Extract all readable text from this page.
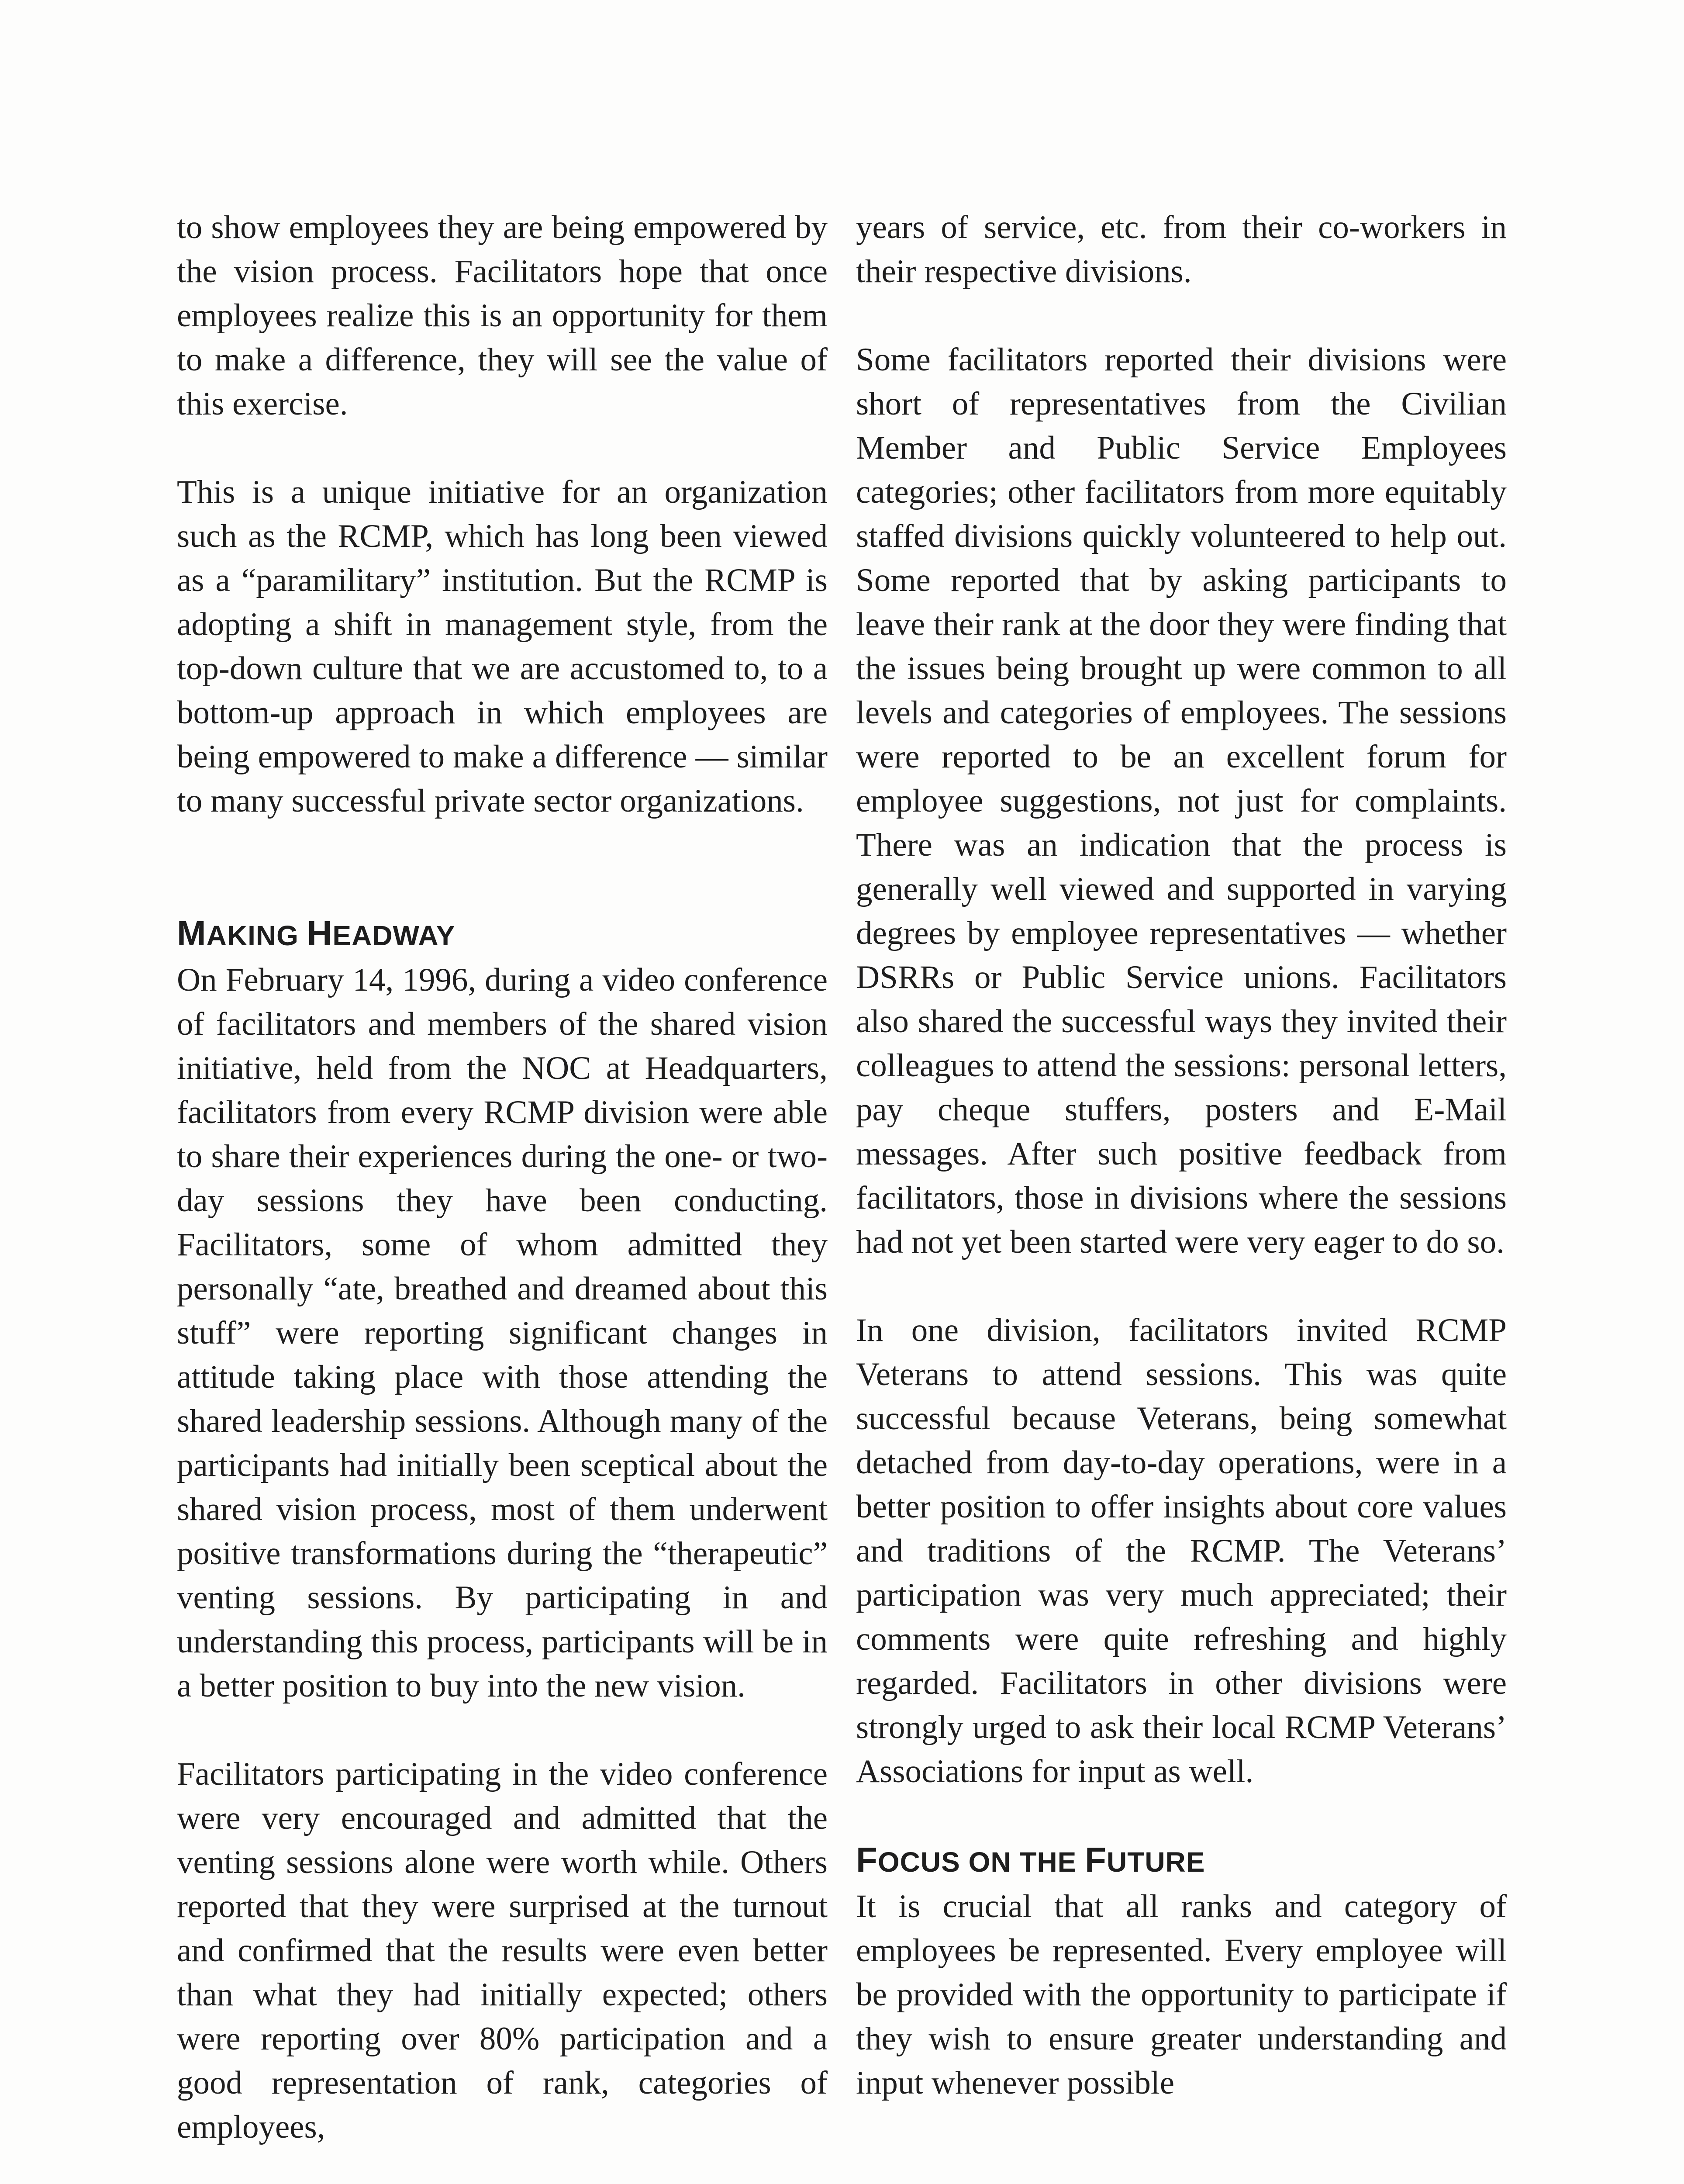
to show employees they are being empowered by the vision process. Facilitators hope that once employees realize this is an opportunity for them to make a difference, they will see the value of this exercise.

This is a unique initiative for an organization such as the RCMP, which has long been viewed as a “paramilitary” institution. But the RCMP is adopting a shift in management style, from the top-down culture that we are accustomed to, to a bottom-up approach in which employees are being empowered to make a difference — similar to many successful private sector organizations.

MAKING HEADWAY

On February 14, 1996, during a video conference of facilitators and members of the shared vision initiative, held from the NOC at Headquarters, facilitators from every RCMP division were able to share their experiences during the one- or two-day sessions they have been conducting. Facilitators, some of whom admitted they personally “ate, breathed and dreamed about this stuff” were reporting significant changes in attitude taking place with those attending the shared leadership sessions. Although many of the participants had initially been sceptical about the shared vision process, most of them underwent positive transformations during the “therapeutic” venting sessions. By participating in and understanding this process, participants will be in a better position to buy into the new vision.

Facilitators participating in the video conference were very encouraged and admitted that the venting sessions alone were worth while. Others reported that they were surprised at the turnout and confirmed that the results were even better than what they had initially expected; others were reporting over 80% participation and a good representation of rank, categories of employees,

years of service, etc. from their co-workers in their respective divisions.

Some facilitators reported their divisions were short of representatives from the Civilian Member and Public Service Employees categories; other facilitators from more equitably staffed divisions quickly volunteered to help out. Some reported that by asking participants to leave their rank at the door they were finding that the issues being brought up were common to all levels and categories of employees. The sessions were reported to be an excellent forum for employee suggestions, not just for complaints. There was an indication that the process is generally well viewed and supported in varying degrees by employee representatives — whether DSRRs or Public Service unions. Facilitators also shared the successful ways they invited their colleagues to attend the sessions: personal letters, pay cheque stuffers, posters and E-Mail messages. After such positive feedback from facilitators, those in divisions where the sessions had not yet been started were very eager to do so.

In one division, facilitators invited RCMP Veterans to attend sessions. This was quite successful because Veterans, being somewhat detached from day-to-day operations, were in a better position to offer insights about core values and traditions of the RCMP. The Veterans’ participation was very much appreciated; their comments were quite refreshing and highly regarded. Facilitators in other divisions were strongly urged to ask their local RCMP Veterans’ Associations for input as well.

FOCUS ON THE FUTURE

It is crucial that all ranks and category of employees be represented. Every employee will be provided with the opportunity to participate if they wish to ensure greater understanding and input whenever possible
